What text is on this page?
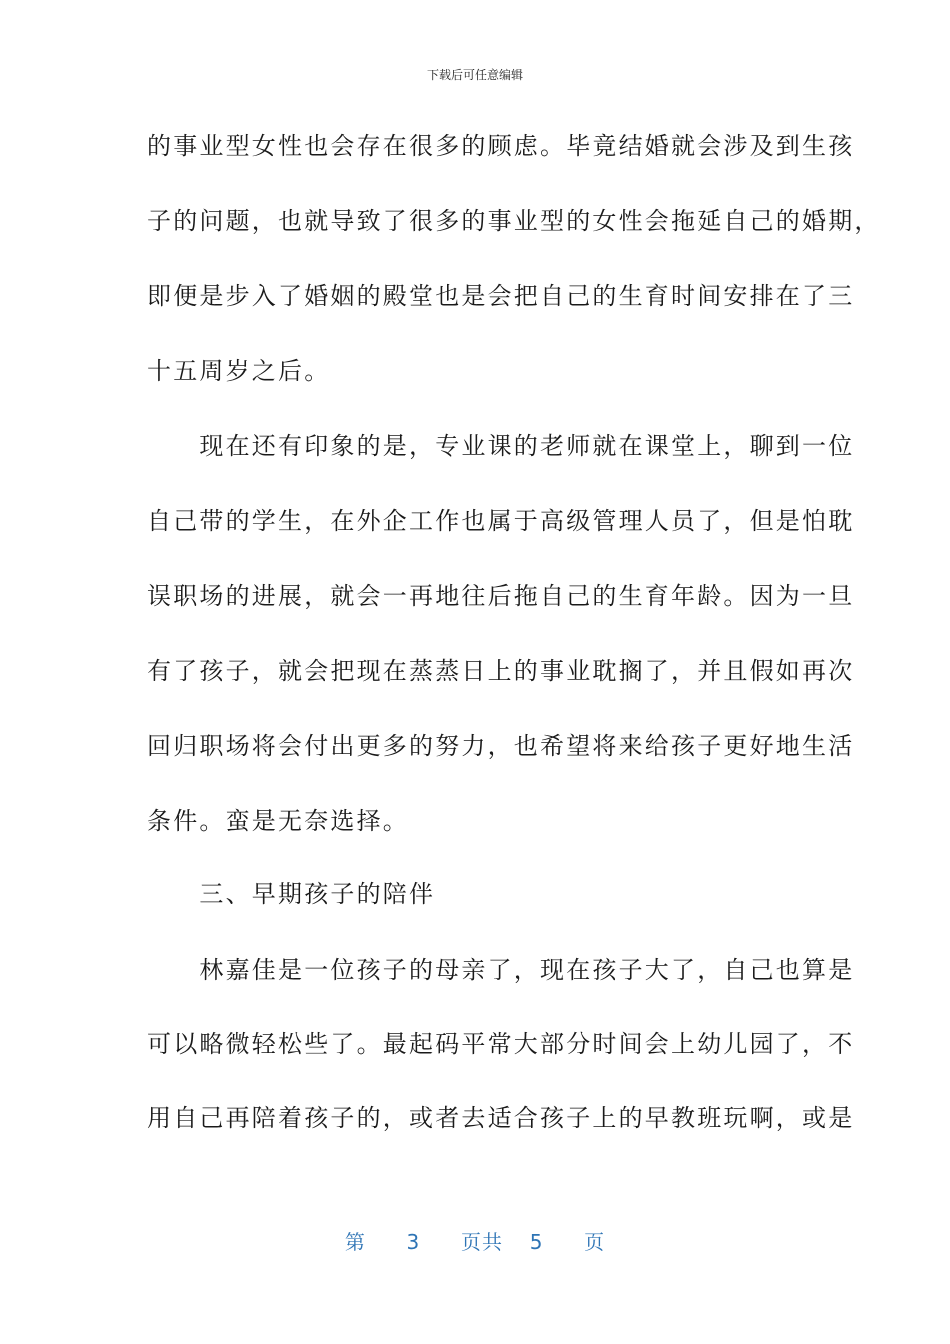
下载后可任意编辑
的事业型女性也会存在很多的顾虑。毕竟结婚就会涉及到生孩
子的问题，也就导致了很多的事业型的女性会拖延自己的婚期，
即便是步入了婚姻的殿堂也是会把自己的生育时间安排在了三
十五周岁之后。
　　现在还有印象的是，专业课的老师就在课堂上，聊到一位
自己带的学生，在外企工作也属于高级管理人员了，但是怕耽
误职场的进展，就会一再地往后拖自己的生育年龄。因为一旦
有了孩子，就会把现在蒸蒸日上的事业耽搁了，并且假如再次
回归职场将会付出更多的努力，也希望将来给孩子更好地生活
条件。蛮是无奈选择。
　　三、早期孩子的陪伴
　　林嘉佳是一位孩子的母亲了，现在孩子大了，自己也算是
可以略微轻松些了。最起码平常大部分时间会上幼儿园了，不
用自己再陪着孩子的，或者去适合孩子上的早教班玩啊，或是
第 3 页共 5 页
